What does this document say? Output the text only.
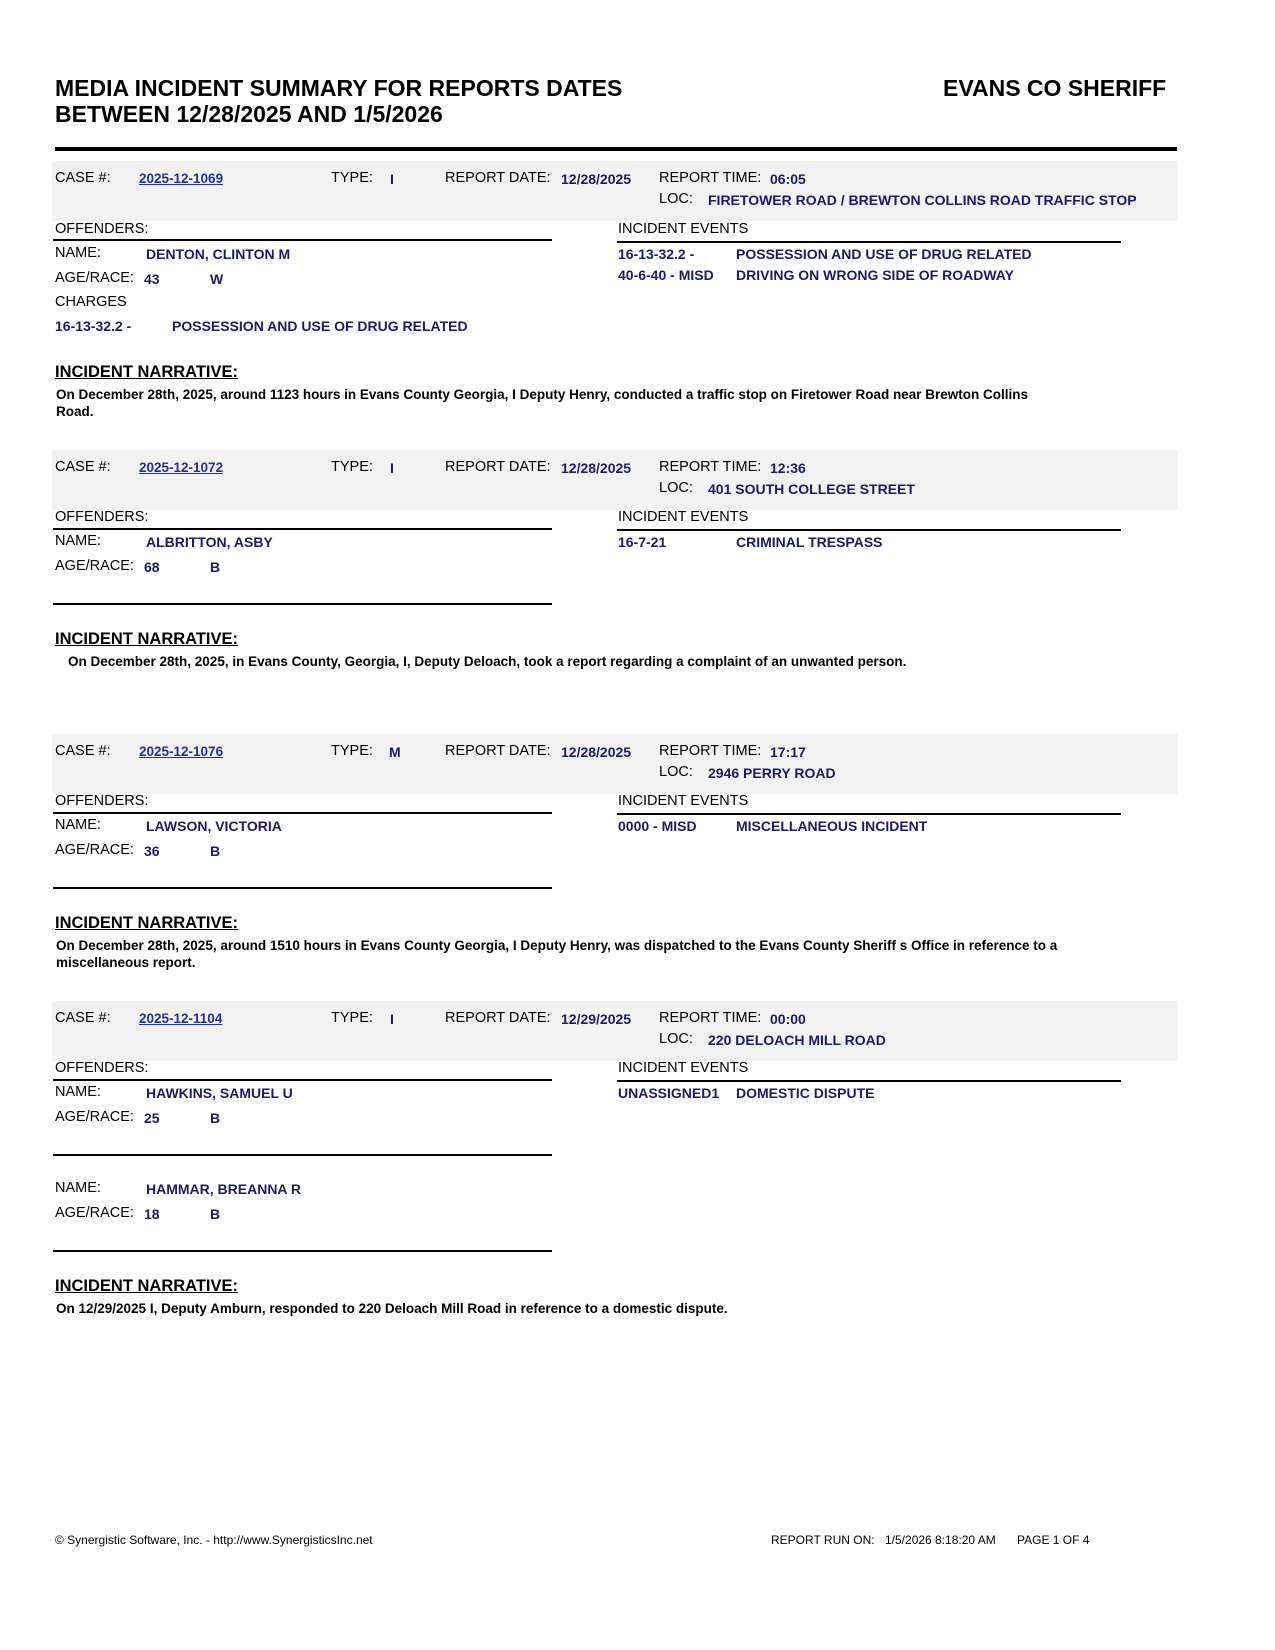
MEDIA INCIDENT SUMMARY FOR REPORTS DATES
BETWEEN 12/28/2025 AND 1/5/2026
EVANS CO SHERIFF
CASE #: 2025-12-1069	TYPE: I	REPORT DATE: 12/28/2025 REPORT TIME: 06:05
LOC: FIRETOWER ROAD / BREWTON COLLINS ROAD TRAFFIC STOP
OFFENDERS:
NAME:	DENTON, CLINTON M
AGE/RACE: 43	W
CHARGES
16-13-32.2 -	POSSESSION AND USE OF DRUG RELATED
INCIDENT EVENTS
16-13-32.2 -	POSSESSION AND USE OF DRUG RELATED
40-6-40 - MISD DRIVING ON WRONG SIDE OF ROADWAY
INCIDENT NARRATIVE:
On December 28th, 2025, around 1123 hours in Evans County Georgia, I Deputy Henry, conducted a traffic stop on Firetower Road near Brewton Collins
Road.
CASE #: 2025-12-1072	TYPE: I	REPORT DATE: 12/28/2025 REPORT TIME: 12:36
LOC: 401 SOUTH COLLEGE STREET
OFFENDERS:
NAME:	ALBRITTON, ASBY
AGE/RACE: 68	B
INCIDENT EVENTS
16-7-21	CRIMINAL TRESPASS
INCIDENT NARRATIVE:
On December 28th, 2025, in Evans County, Georgia, I, Deputy Deloach, took a report regarding a complaint of an unwanted person.
CASE #: 2025-12-1076	TYPE: M	REPORT DATE: 12/28/2025 REPORT TIME: 17:17
LOC: 2946 PERRY ROAD
OFFENDERS:
NAME:	LAWSON, VICTORIA
AGE/RACE: 36	B
INCIDENT EVENTS
0000 - MISD	MISCELLANEOUS INCIDENT
INCIDENT NARRATIVE:
On December 28th, 2025, around 1510 hours in Evans County Georgia, I Deputy Henry, was dispatched to the Evans County Sheriff s Office in reference to a
miscellaneous report.
CASE #: 2025-12-1104	TYPE: I	REPORT DATE: 12/29/2025 REPORT TIME: 00:00
LOC: 220 DELOACH MILL ROAD
OFFENDERS:
NAME:	HAWKINS, SAMUEL U
AGE/RACE: 25	B
NAME:	HAMMAR, BREANNA R
AGE/RACE: 18	B
INCIDENT EVENTS
UNASSIGNED1 DOMESTIC DISPUTE
INCIDENT NARRATIVE:
On 12/29/2025 I, Deputy Amburn, responded to 220 Deloach Mill Road in reference to a domestic dispute.
© Synergistic Software, Inc. - http://www.SynergisticsInc.net	REPORT RUN ON: 1/5/2026 8:18:20 AM PAGE 1 OF 4
